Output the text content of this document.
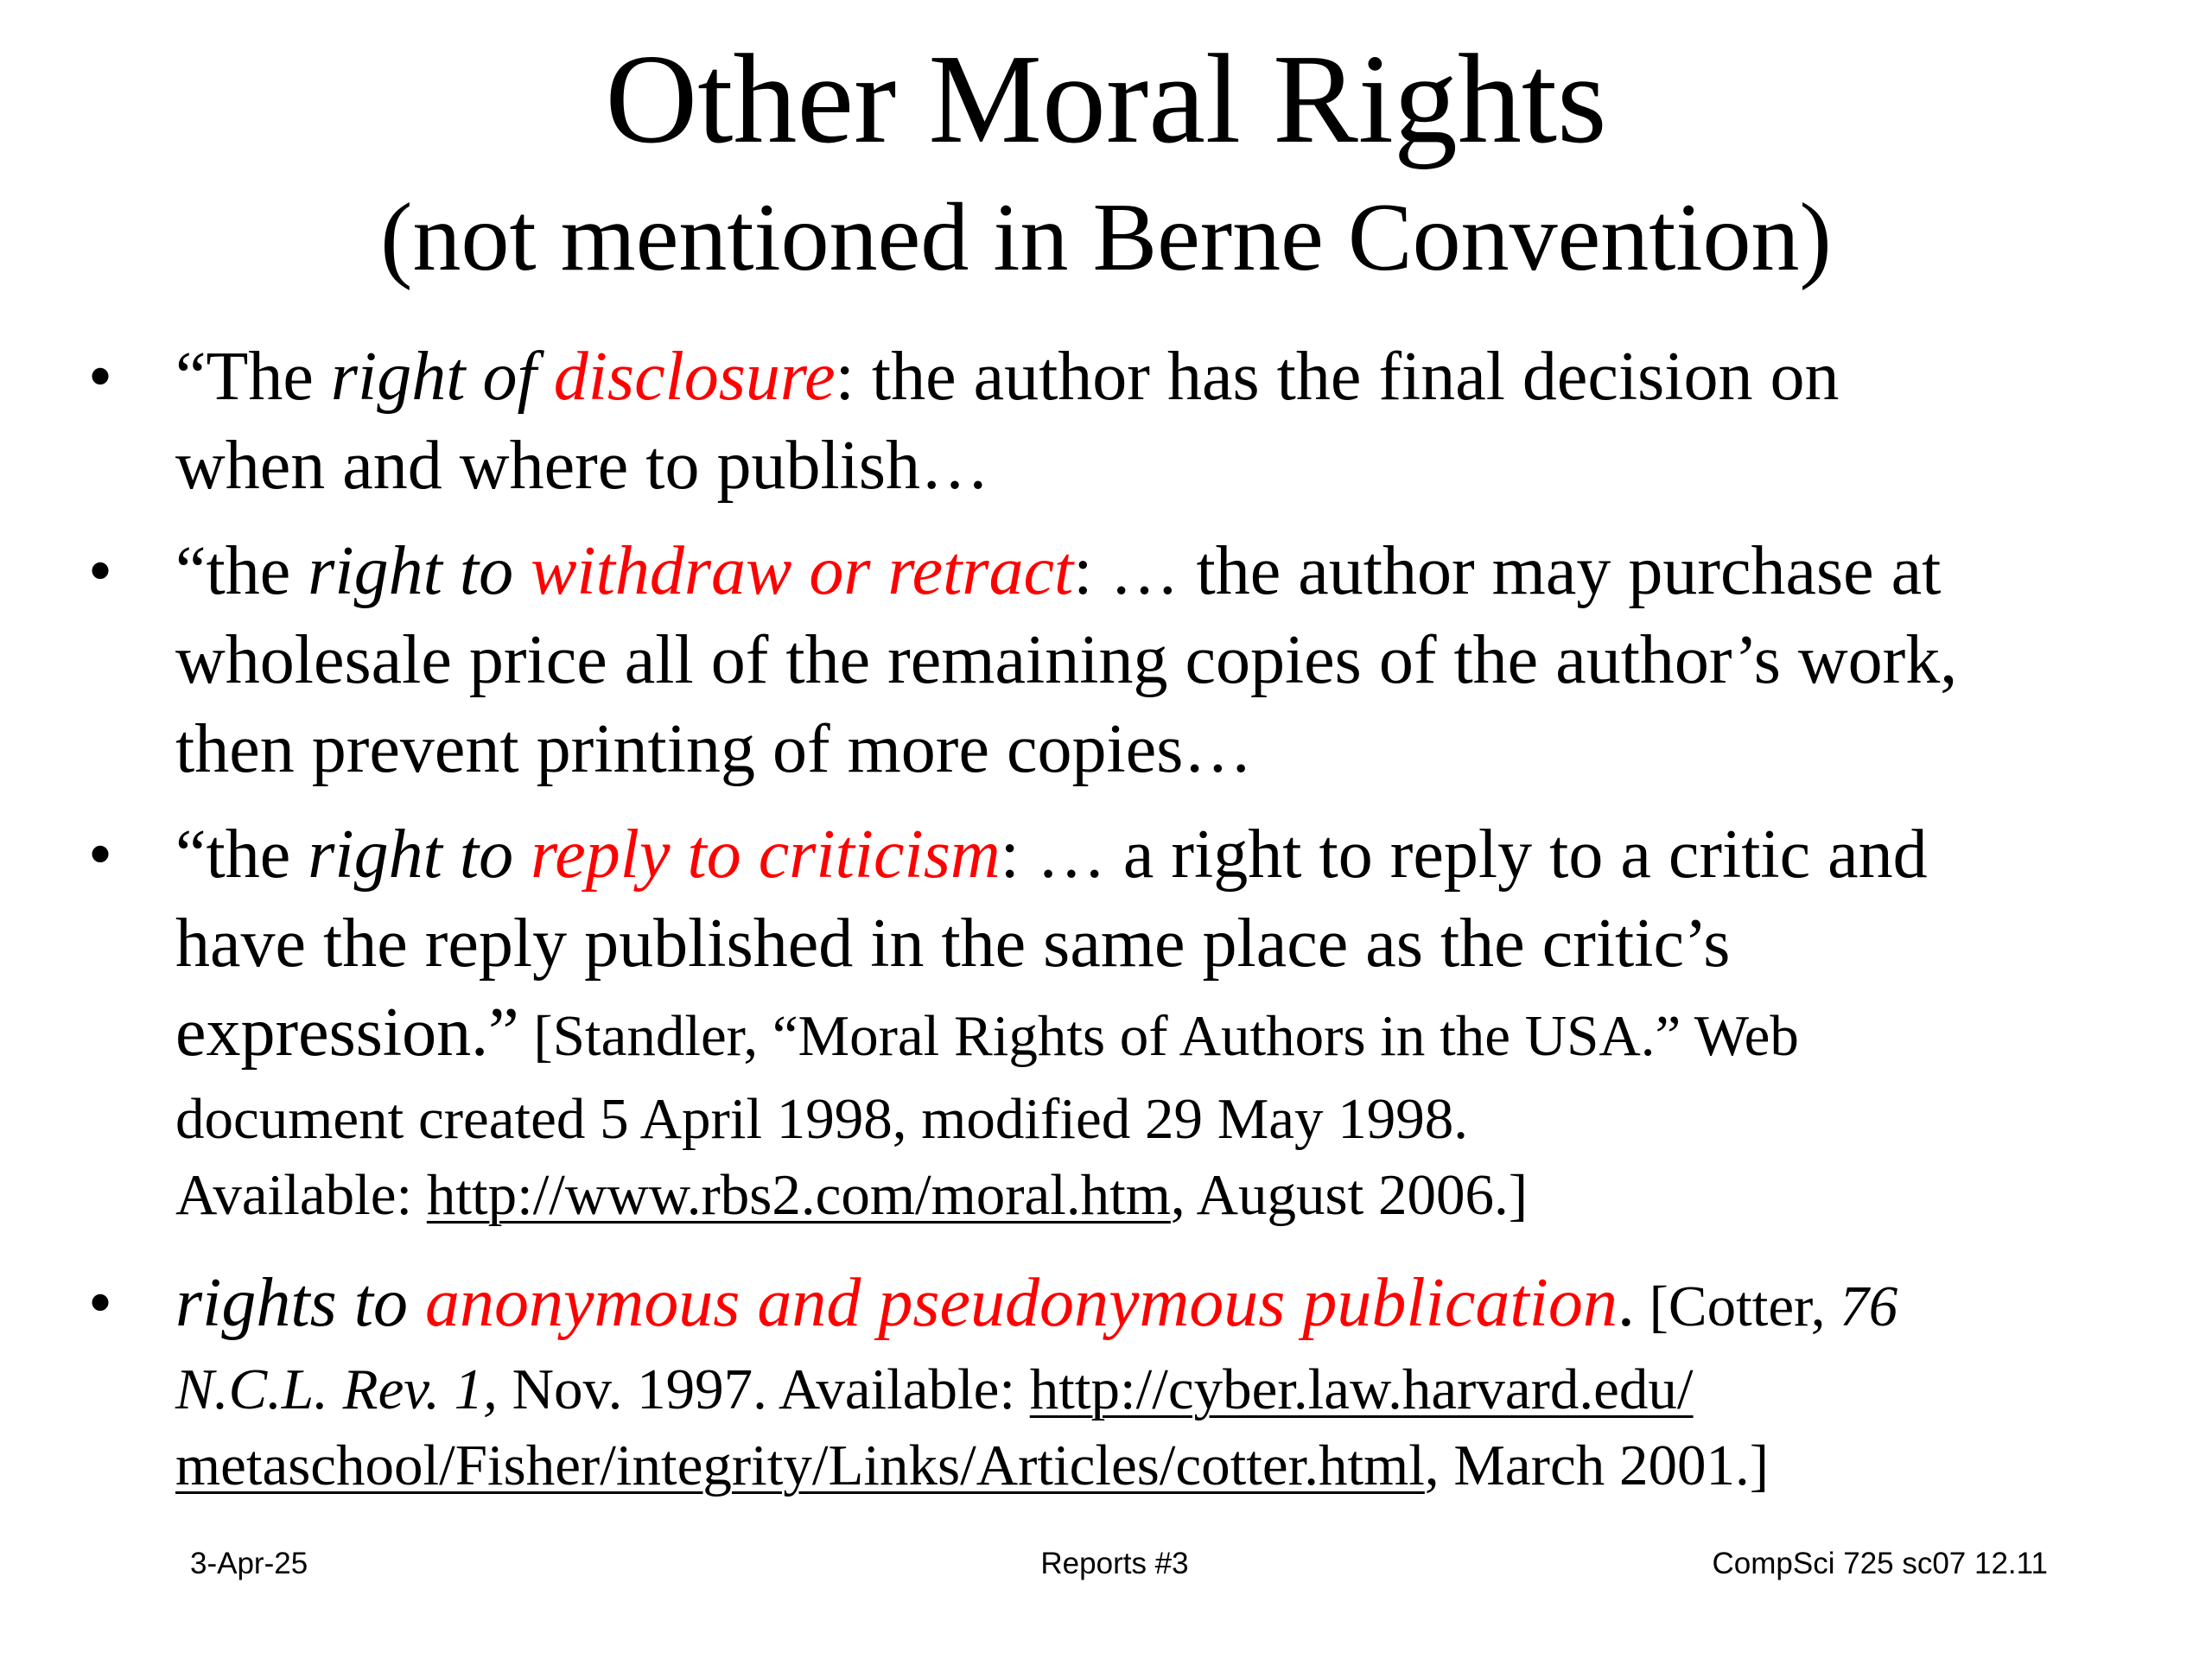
Other Moral Rights
(not mentioned in Berne Convention)
• “The right of disclosure: the author has the final decision on
when and where to publish…
• “the right to withdraw or retract: … the author may purchase at
wholesale price all of the remaining copies of the author’s work,
then prevent printing of more copies…
• “the right to reply to criticism: … a right to reply to a critic and
have the reply published in the same place as the critic’s
expression.” [Standler, “Moral Rights of Authors in the USA.” Web
document created 5 April 1998, modified 29 May 1998.
Available: http://www.rbs2.com/moral.htm, August 2006.]
• rights to anonymous and pseudonymous publication. [Cotter, 76
N.C.L. Rev. 1, Nov. 1997. Available: http://cyber.law.harvard.edu/
metaschool/Fisher/integrity/Links/Articles/cotter.html, March 2001.]
3-Apr-25	Reports #3	CompSci 725 sc07 12.11
